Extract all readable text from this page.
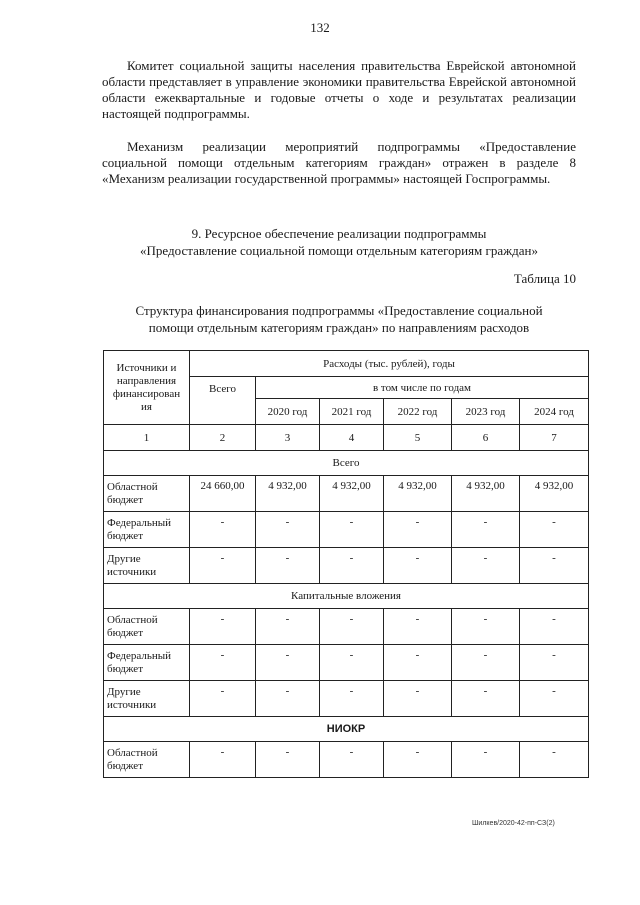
132

Комитет социальной защиты населения правительства Еврейской автономной области представляет в управление экономики правительства Еврейской автономной области ежеквартальные и годовые отчеты о ходе и результатах реализации настоящей подпрограммы.

Механизм реализации мероприятий подпрограммы «Предоставление социальной помощи отдельным категориям граждан» отражен в разделе 8 «Механизм реализации государственной программы» настоящей Госпрограммы.

9. Ресурсное обеспечение реализации подпрограммы
«Предоставление социальной помощи отдельным категориям граждан»
Таблица 10
Структура финансирования подпрограммы «Предоставление социальной
помощи отдельным категориям граждан» по направлениям расходов
Источники и направления финансирован ия	Расходы (тыс. рублей), годы					
	Всего	в том числе по годам				
		2020 год	2021 год	2022 год	2023 год	2024 год
1	2	3	4	5	6	7
Всего						
Областной бюджет	24 660,00	4 932,00	4 932,00	4 932,00	4 932,00	4 932,00
Федеральный бюджет	-	-	-	-	-	-
Другие источники	-	-	-	-	-	-
Капитальные вложения						
Областной бюджет	-	-	-	-	-	-
Федеральный бюджет	-	-	-	-	-	-
Другие источники	-	-	-	-	-	-
НИОКР						
Областной бюджет	-	-	-	-	-	-
Шилкев/2020-42-пп-СЗ(2)
